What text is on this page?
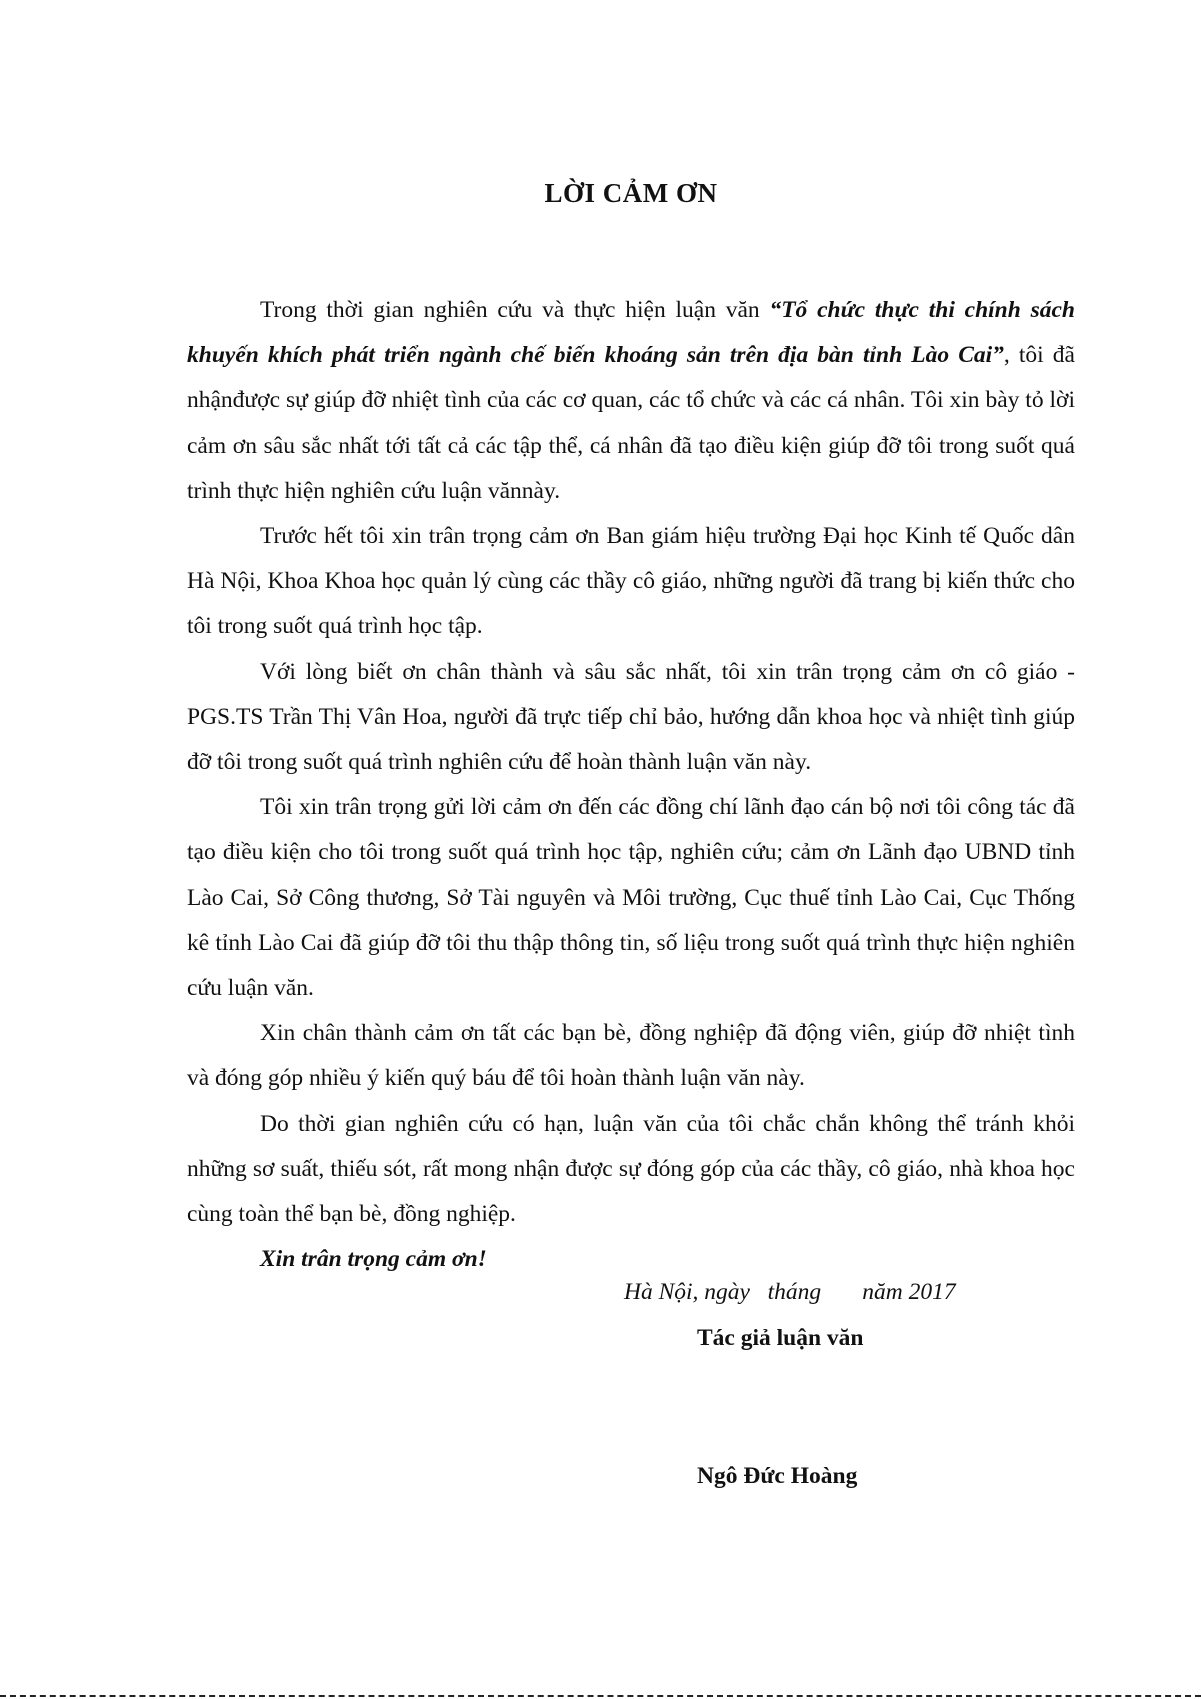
LỜI CẢM ƠN

Trong thời gian nghiên cứu và thực hiện luận văn “Tổ chức thực thi chính sách khuyến khích phát triển ngành chế biến khoáng sản trên địa bàn tỉnh Lào Cai”, tôi đã nhậnđược sự giúp đỡ nhiệt tình của các cơ quan, các tổ chức và các cá nhân. Tôi xin bày tỏ lời cảm ơn sâu sắc nhất tới tất cả các tập thể, cá nhân đã tạo điều kiện giúp đỡ tôi trong suốt quá trình thực hiện nghiên cứu luận vănnày.

Trước hết tôi xin trân trọng cảm ơn Ban giám hiệu trường Đại học Kinh tế Quốc dân Hà Nội, Khoa Khoa học quản lý cùng các thầy cô giáo, những người đã trang bị kiến thức cho tôi trong suốt quá trình học tập.

Với lòng biết ơn chân thành và sâu sắc nhất, tôi xin trân trọng cảm ơn cô giáo - PGS.TS Trần Thị Vân Hoa, người đã trực tiếp chỉ bảo, hướng dẫn khoa học và nhiệt tình giúp đỡ tôi trong suốt quá trình nghiên cứu để hoàn thành luận văn này.

Tôi xin trân trọng gửi lời cảm ơn đến các đồng chí lãnh đạo cán bộ nơi tôi công tác đã tạo điều kiện cho tôi trong suốt quá trình học tập, nghiên cứu; cảm ơn Lãnh đạo UBND tỉnh Lào Cai, Sở Công thương, Sở Tài nguyên và Môi trường, Cục thuế tỉnh Lào Cai, Cục Thống kê tỉnh Lào Cai đã giúp đỡ tôi thu thập thông tin, số liệu trong suốt quá trình thực hiện nghiên cứu luận văn.

Xin chân thành cảm ơn tất các bạn bè, đồng nghiệp đã động viên, giúp đỡ nhiệt tình và đóng góp nhiều ý kiến quý báu để tôi hoàn thành luận văn này.

Do thời gian nghiên cứu có hạn, luận văn của tôi chắc chắn không thể tránh khỏi những sơ suất, thiếu sót, rất mong nhận được sự đóng góp của các thầy, cô giáo, nhà khoa học cùng toàn thể bạn bè, đồng nghiệp.

Xin trân trọng cảm ơn!

Hà Nội, ngày   tháng       năm 2017
Tác giả luận văn
Ngô Đức Hoàng
